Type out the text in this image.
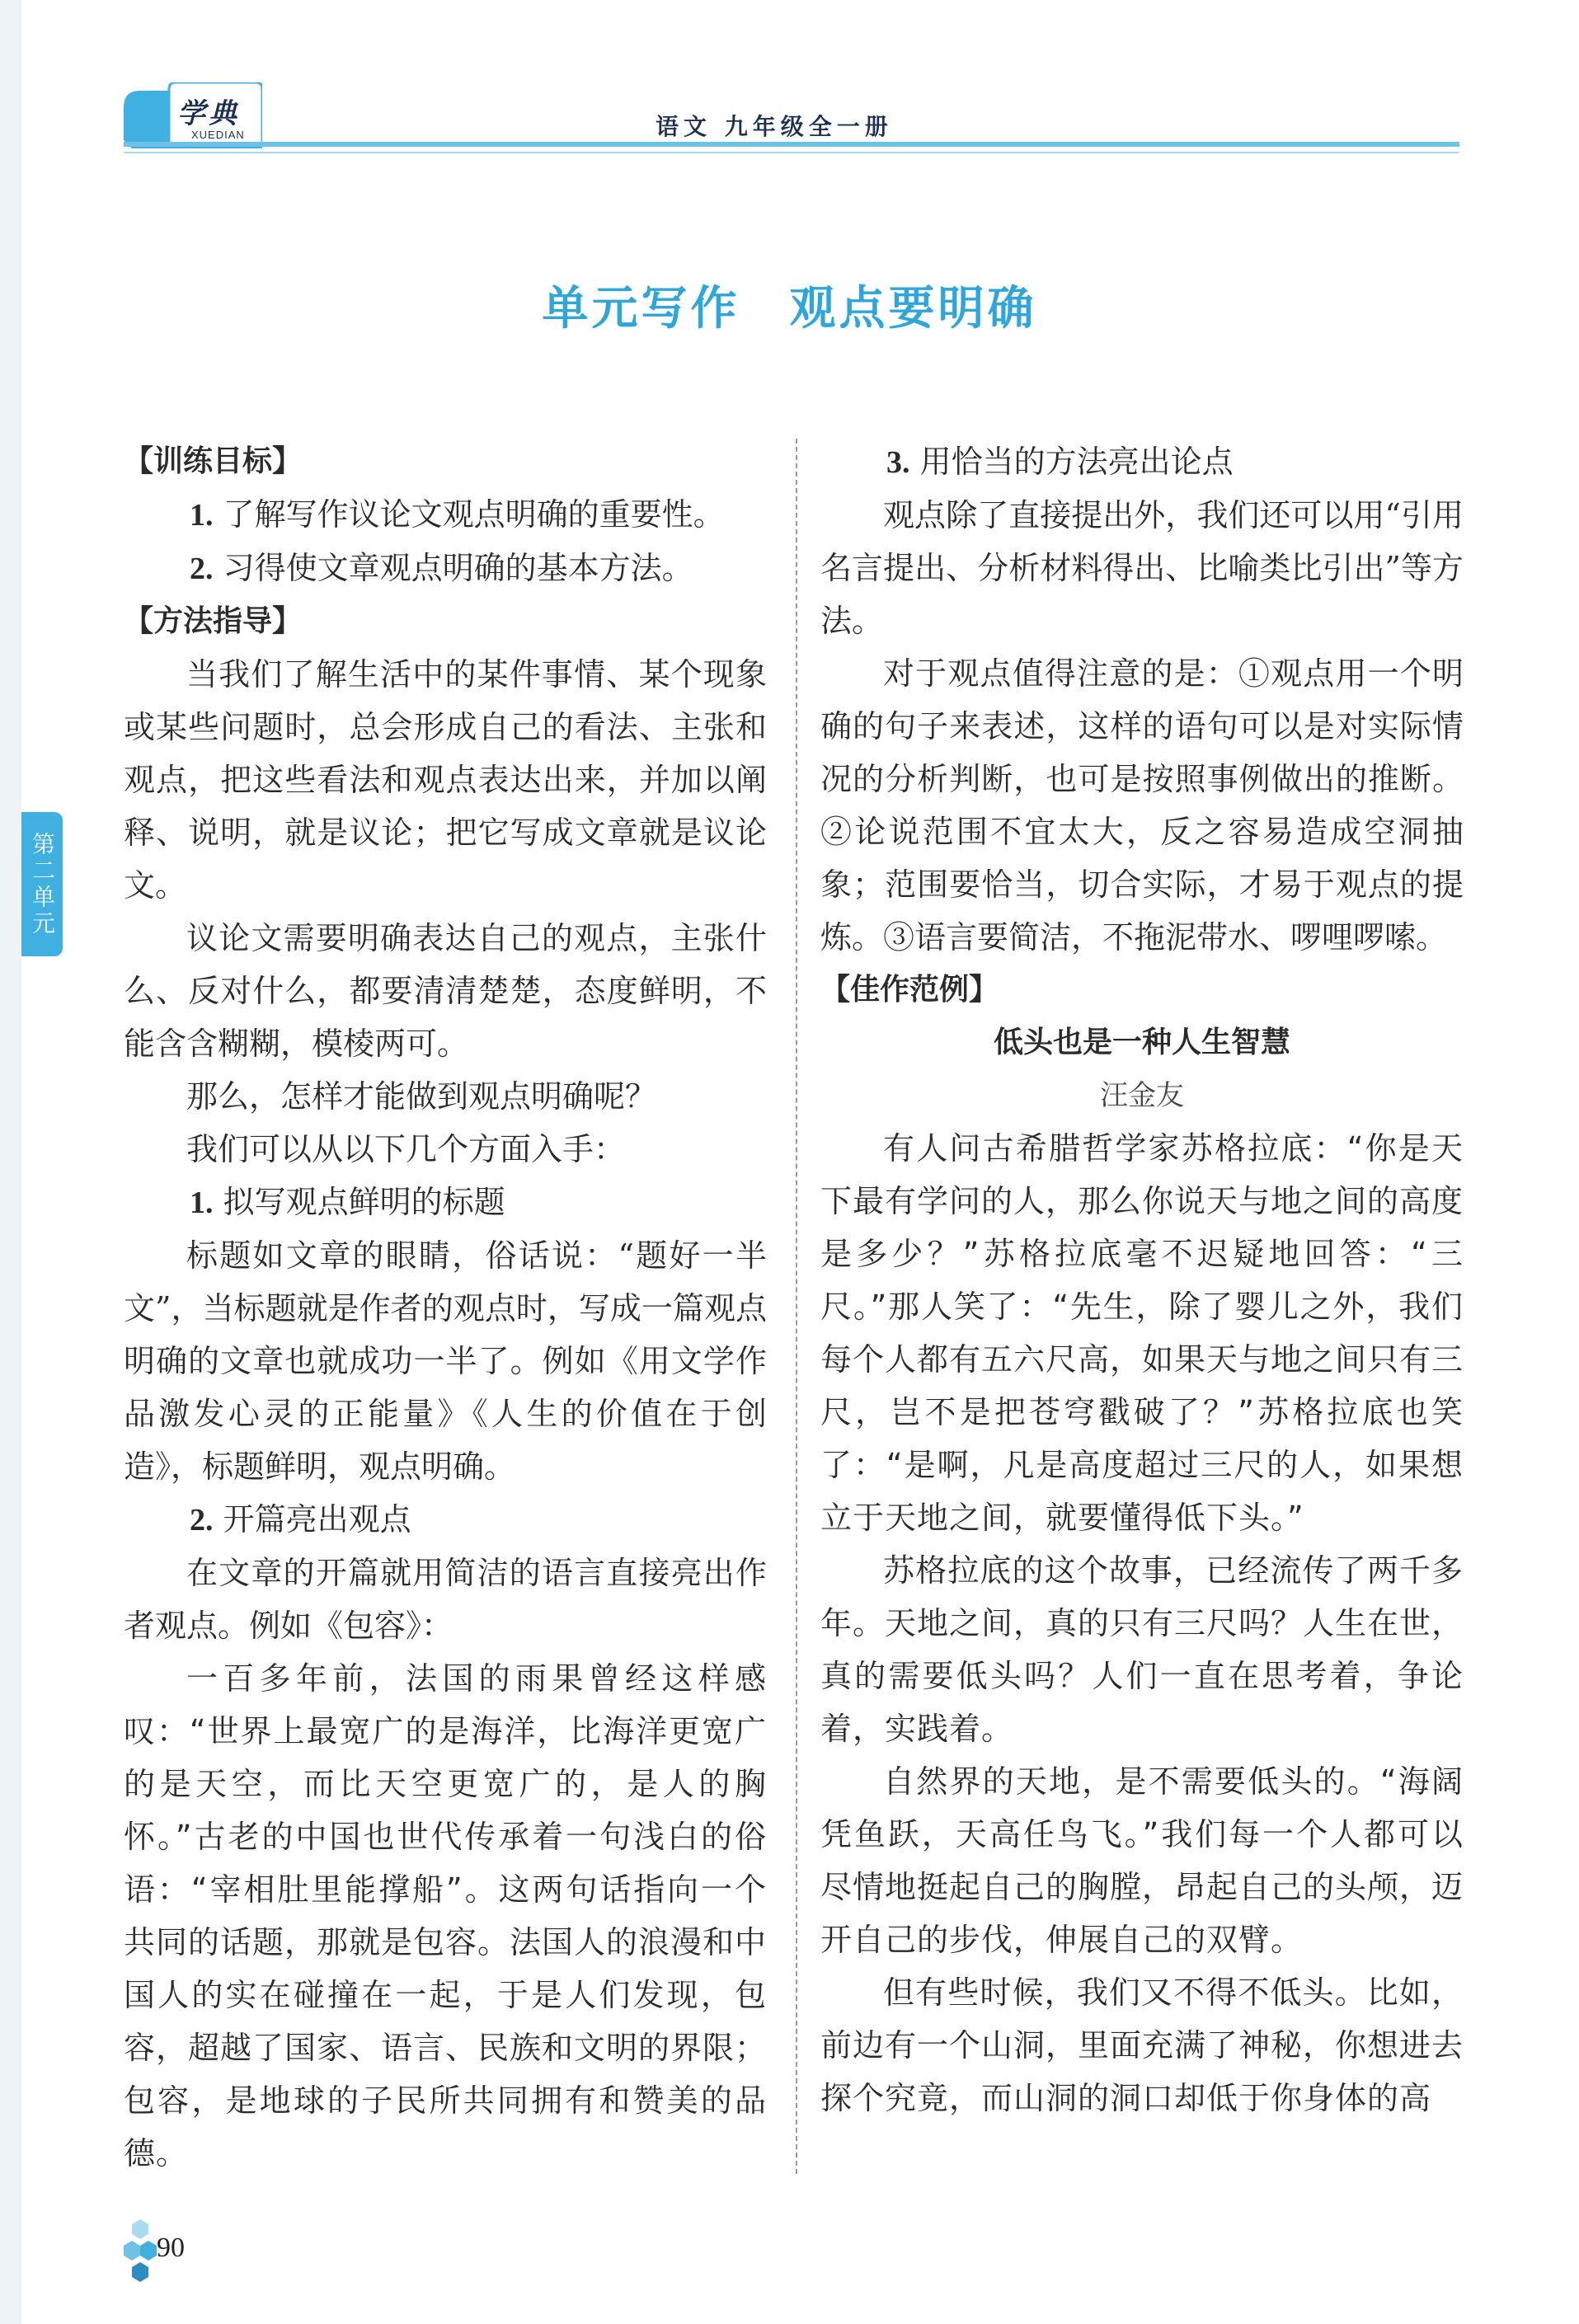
学典
XUEDIAN	语文 九年级全一册
单元写作　观点要明确
第二单元

【训练目标】

1. 了解写作议论文观点明确的重要性。

2. 习得使文章观点明确的基本方法。

【方法指导】

当我们了解生活中的某件事情、某个现象或某些问题时，总会形成自己的看法、主张和观点，把这些看法和观点表达出来，并加以阐释、说明，就是议论；把它写成文章就是议论文。

议论文需要明确表达自己的观点，主张什么、反对什么，都要清清楚楚，态度鲜明，不能含含糊糊，模棱两可。

那么，怎样才能做到观点明确呢？

我们可以从以下几个方面入手：

1. 拟写观点鲜明的标题

标题如文章的眼睛，俗话说：“题好一半文”，当标题就是作者的观点时，写成一篇观点明确的文章也就成功一半了。例如《用文学作品激发心灵的正能量》《人生的价值在于创造》，标题鲜明，观点明确。

2. 开篇亮出观点

在文章的开篇就用简洁的语言直接亮出作者观点。例如《包容》：

一百多年前，法国的雨果曾经这样感叹：“世界上最宽广的是海洋，比海洋更宽广的是天空，而比天空更宽广的，是人的胸怀。”古老的中国也世代传承着一句浅白的俗语：“宰相肚里能撑船”。这两句话指向一个共同的话题，那就是包容。法国人的浪漫和中国人的实在碰撞在一起，于是人们发现，包容，超越了国家、语言、民族和文明的界限；包容，是地球的子民所共同拥有和赞美的品德。

3. 用恰当的方法亮出论点

观点除了直接提出外，我们还可以用“引用名言提出、分析材料得出、比喻类比引出”等方法。

对于观点值得注意的是：①观点用一个明确的句子来表述，这样的语句可以是对实际情况的分析判断，也可是按照事例做出的推断。②论说范围不宜太大，反之容易造成空洞抽象；范围要恰当，切合实际，才易于观点的提炼。③语言要简洁，不拖泥带水、啰哩啰嗦。

【佳作范例】

低头也是一种人生智慧

汪金友

有人问古希腊哲学家苏格拉底：“你是天下最有学问的人，那么你说天与地之间的高度是多少？”苏格拉底毫不迟疑地回答：“三尺。”那人笑了：“先生，除了婴儿之外，我们每个人都有五六尺高，如果天与地之间只有三尺，岂不是把苍穹戳破了？”苏格拉底也笑了：“是啊，凡是高度超过三尺的人，如果想立于天地之间，就要懂得低下头。”

苏格拉底的这个故事，已经流传了两千多年。天地之间，真的只有三尺吗？人生在世，真的需要低头吗？人们一直在思考着，争论着，实践着。

自然界的天地，是不需要低头的。“海阔凭鱼跃，天高任鸟飞。”我们每一个人都可以尽情地挺起自己的胸膛，昂起自己的头颅，迈开自己的步伐，伸展自己的双臂。

但有些时候，我们又不得不低头。比如，前边有一个山洞，里面充满了神秘，你想进去探个究竟，而山洞的洞口却低于你身体的高

90
